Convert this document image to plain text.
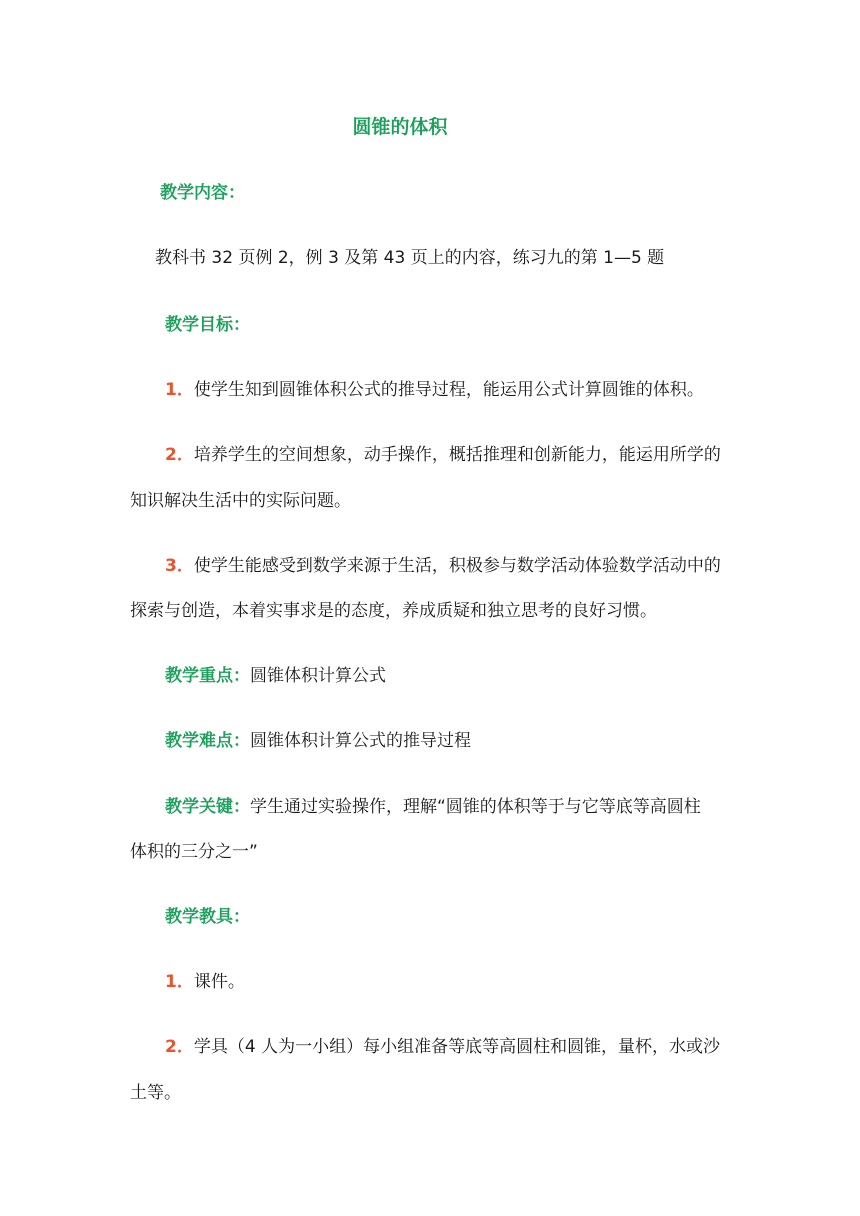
圆锥的体积
教学内容：
教科书 32 页例 2，例 3 及第 43 页上的内容，练习九的第 1—5 题
教学目标：
1．使学生知到圆锥体积公式的推导过程，能运用公式计算圆锥的体积。
2．培养学生的空间想象，动手操作，概括推理和创新能力，能运用所学的
知识解决生活中的实际问题。
3．使学生能感受到数学来源于生活，积极参与数学活动体验数学活动中的
探索与创造，本着实事求是的态度，养成质疑和独立思考的良好习惯。
教学重点：圆锥体积计算公式
教学难点：圆锥体积计算公式的推导过程
教学关键：学生通过实验操作，理解“圆锥的体积等于与它等底等高圆柱
体积的三分之一”
教学教具：
1．课件。
2．学具（4 人为一小组）每小组准备等底等高圆柱和圆锥，量杯，水或沙
土等。
